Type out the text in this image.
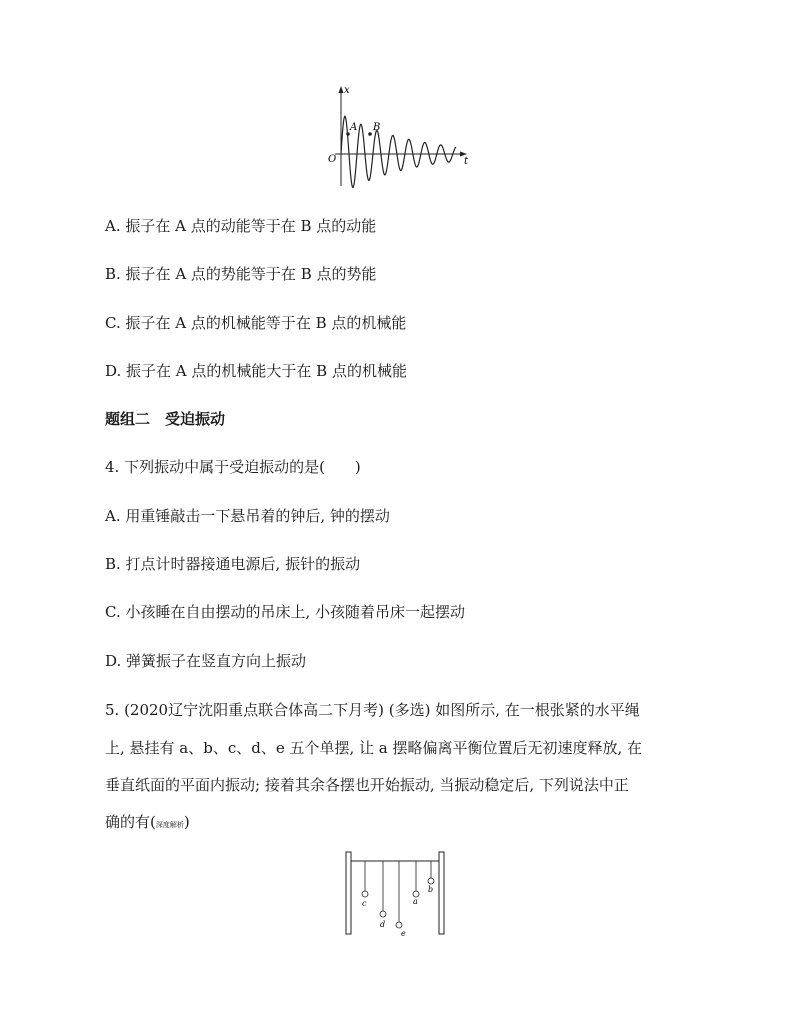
x
t
O
A B
A. 振子在 A 点的动能等于在 B 点的动能
B. 振子在 A 点的势能等于在 B 点的势能
C. 振子在 A 点的机械能等于在 B 点的机械能
D. 振子在 A 点的机械能大于在 B 点的机械能
题组二　受迫振动
4. 下列振动中属于受迫振动的是(　　)
A. 用重锤敲击一下悬吊着的钟后, 钟的摆动
B. 打点计时器接通电源后, 振针的振动
C. 小孩睡在自由摆动的吊床上, 小孩随着吊床一起摆动
D. 弹簧振子在竖直方向上振动
5. (2020辽宁沈阳重点联合体高二下月考) (多选) 如图所示, 在一根张紧的水平绳
上, 悬挂有 a、b、c、d、e 五个单摆, 让 a 摆略偏离平衡位置后无初速度释放, 在
垂直纸面的平面内振动; 接着其余各摆也开始振动, 当振动稳定后, 下列说法中正
确的有(深度解析)
c
d
e
a
b
